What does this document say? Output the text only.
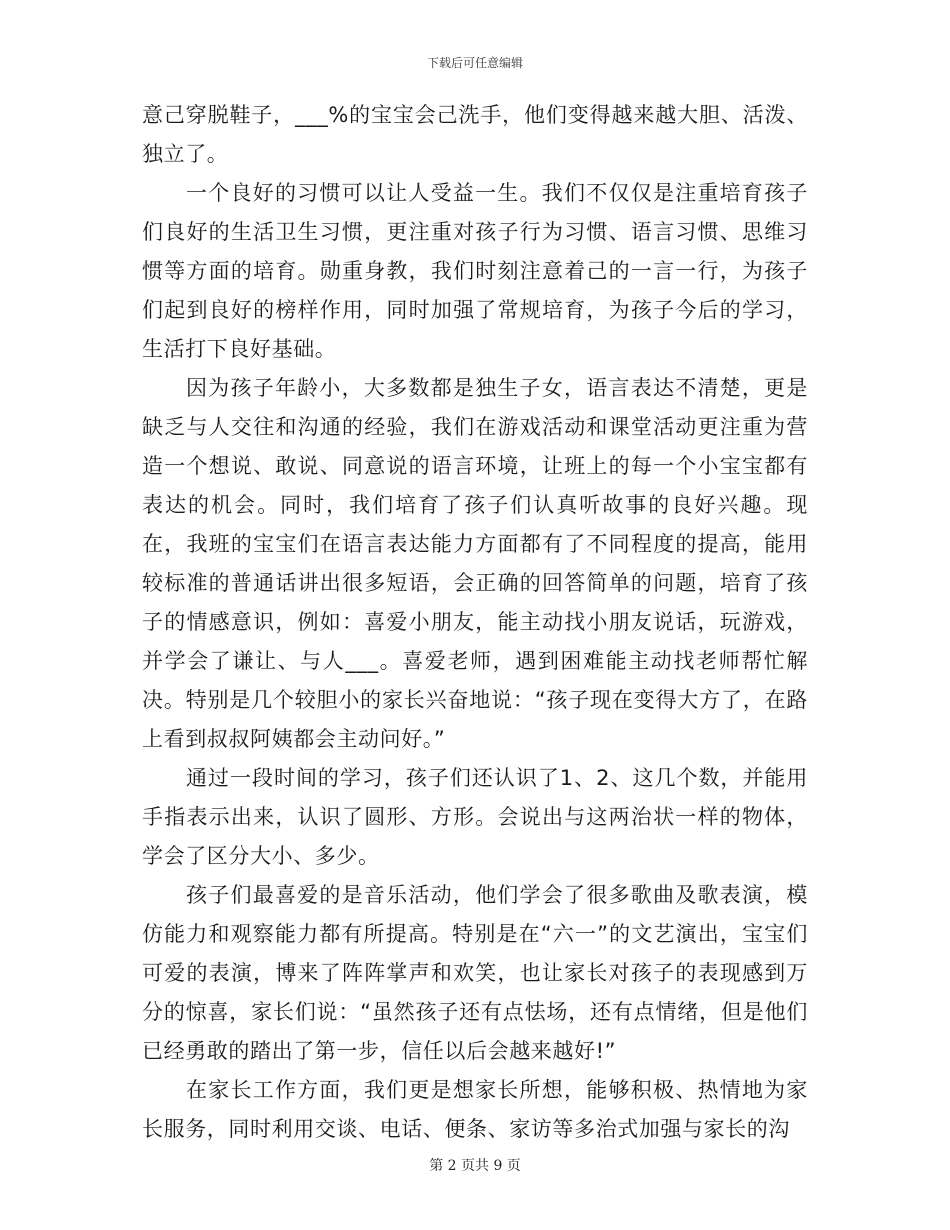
下载后可任意编辑

意己穿脱鞋子，___%的宝宝会己洗手，他们变得越来越大胆、活泼、独立了。

一个良好的习惯可以让人受益一生。我们不仅仅是注重培育孩子们良好的生活卫生习惯，更注重对孩子行为习惯、语言习惯、思维习惯等方面的培育。勋重身教，我们时刻注意着己的一言一行，为孩子们起到良好的榜样作用，同时加强了常规培育，为孩子今后的学习，生活打下良好基础。

因为孩子年龄小，大多数都是独生子女，语言表达不清楚，更是缺乏与人交往和沟通的经验，我们在游戏活动和课堂活动更注重为营造一个想说、敢说、同意说的语言环境，让班上的每一个小宝宝都有表达的机会。同时，我们培育了孩子们认真听故事的良好兴趣。现在，我班的宝宝们在语言表达能力方面都有了不同程度的提高，能用较标准的普通话讲出很多短语，会正确的回答简单的问题，培育了孩子的情感意识，例如：喜爱小朋友，能主动找小朋友说话，玩游戏，并学会了谦让、与人___。喜爱老师，遇到困难能主动找老师帮忙解决。特别是几个较胆小的家长兴奋地说：“孩子现在变得大方了，在路上看到叔叔阿姨都会主动问好。”

通过一段时间的学习，孩子们还认识了1、2、这几个数，并能用手指表示出来，认识了圆形、方形。会说出与这两治状一样的物体，学会了区分大小、多少。

孩子们最喜爱的是音乐活动，他们学会了很多歌曲及歌表演，模仿能力和观察能力都有所提高。特别是在“六一”的文艺演出，宝宝们可爱的表演，博来了阵阵掌声和欢笑，也让家长对孩子的表现感到万分的惊喜，家长们说：“虽然孩子还有点怯场，还有点情绪，但是他们已经勇敢的踏出了第一步，信任以后会越来越好!”

在家长工作方面，我们更是想家长所想，能够积极、热情地为家长服务，同时利用交谈、电话、便条、家访等多治式加强与家长的沟

第 2 页共 9 页
